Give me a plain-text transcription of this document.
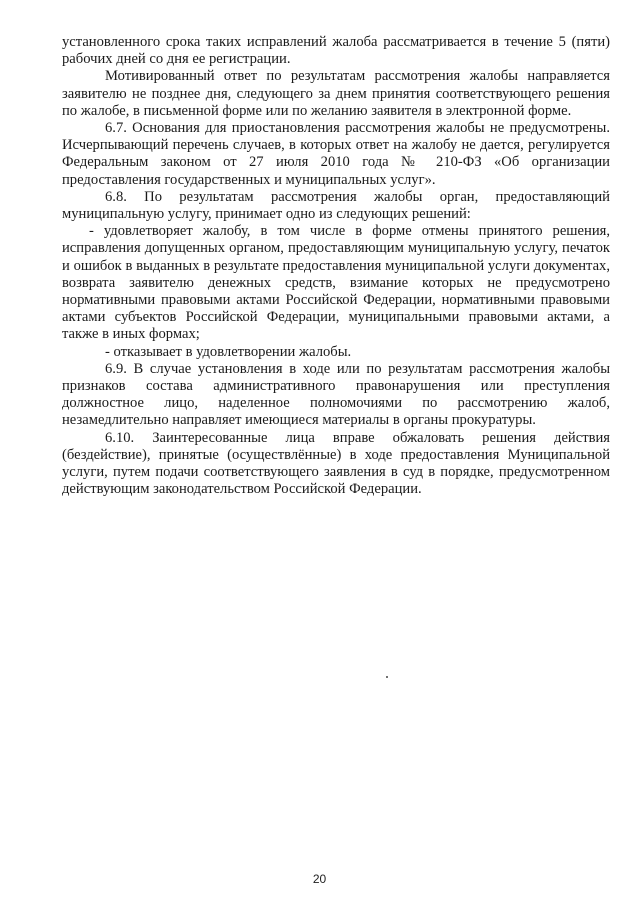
установленного срока таких исправлений жалоба рассматривается в течение 5 (пяти) рабочих дней со дня ее регистрации.

Мотивированный ответ по результатам рассмотрения жалобы направляется заявителю не позднее дня, следующего за днем принятия соответствующего решения по жалобе, в письменной форме или по желанию заявителя в электронной форме.

6.7. Основания для приостановления рассмотрения жалобы не предусмотрены. Исчерпывающий перечень случаев, в которых ответ на жалобу не дается, регулируется Федеральным законом от 27 июля 2010 года № 210-ФЗ «Об организации предоставления государственных и муниципальных услуг».

6.8. По результатам рассмотрения жалобы орган, предоставляющий муниципальную услугу, принимает одно из следующих решений:

- удовлетворяет жалобу, в том числе в форме отмены принятого решения, исправления допущенных органом, предоставляющим муниципальную услугу, печаток и ошибок в выданных в результате предоставления муниципальной услуги документах, возврата заявителю денежных средств, взимание которых не предусмотрено нормативными правовыми актами Российской Федерации, нормативными правовыми актами субъектов Российской Федерации, муниципальными правовыми актами, а также в иных формах;

- отказывает в удовлетворении жалобы.

6.9. В случае установления в ходе или по результатам рассмотрения жалобы признаков состава административного правонарушения или преступления должностное лицо, наделенное полномочиями по рассмотрению жалоб, незамедлительно направляет имеющиеся материалы в органы прокуратуры.

6.10. Заинтересованные лица вправе обжаловать решения действия (бездействие), принятые (осуществлённые) в ходе предоставления Муниципальной услуги, путем подачи соответствующего заявления в суд в порядке, предусмотренном действующим законодательством Российской Федерации.

20
